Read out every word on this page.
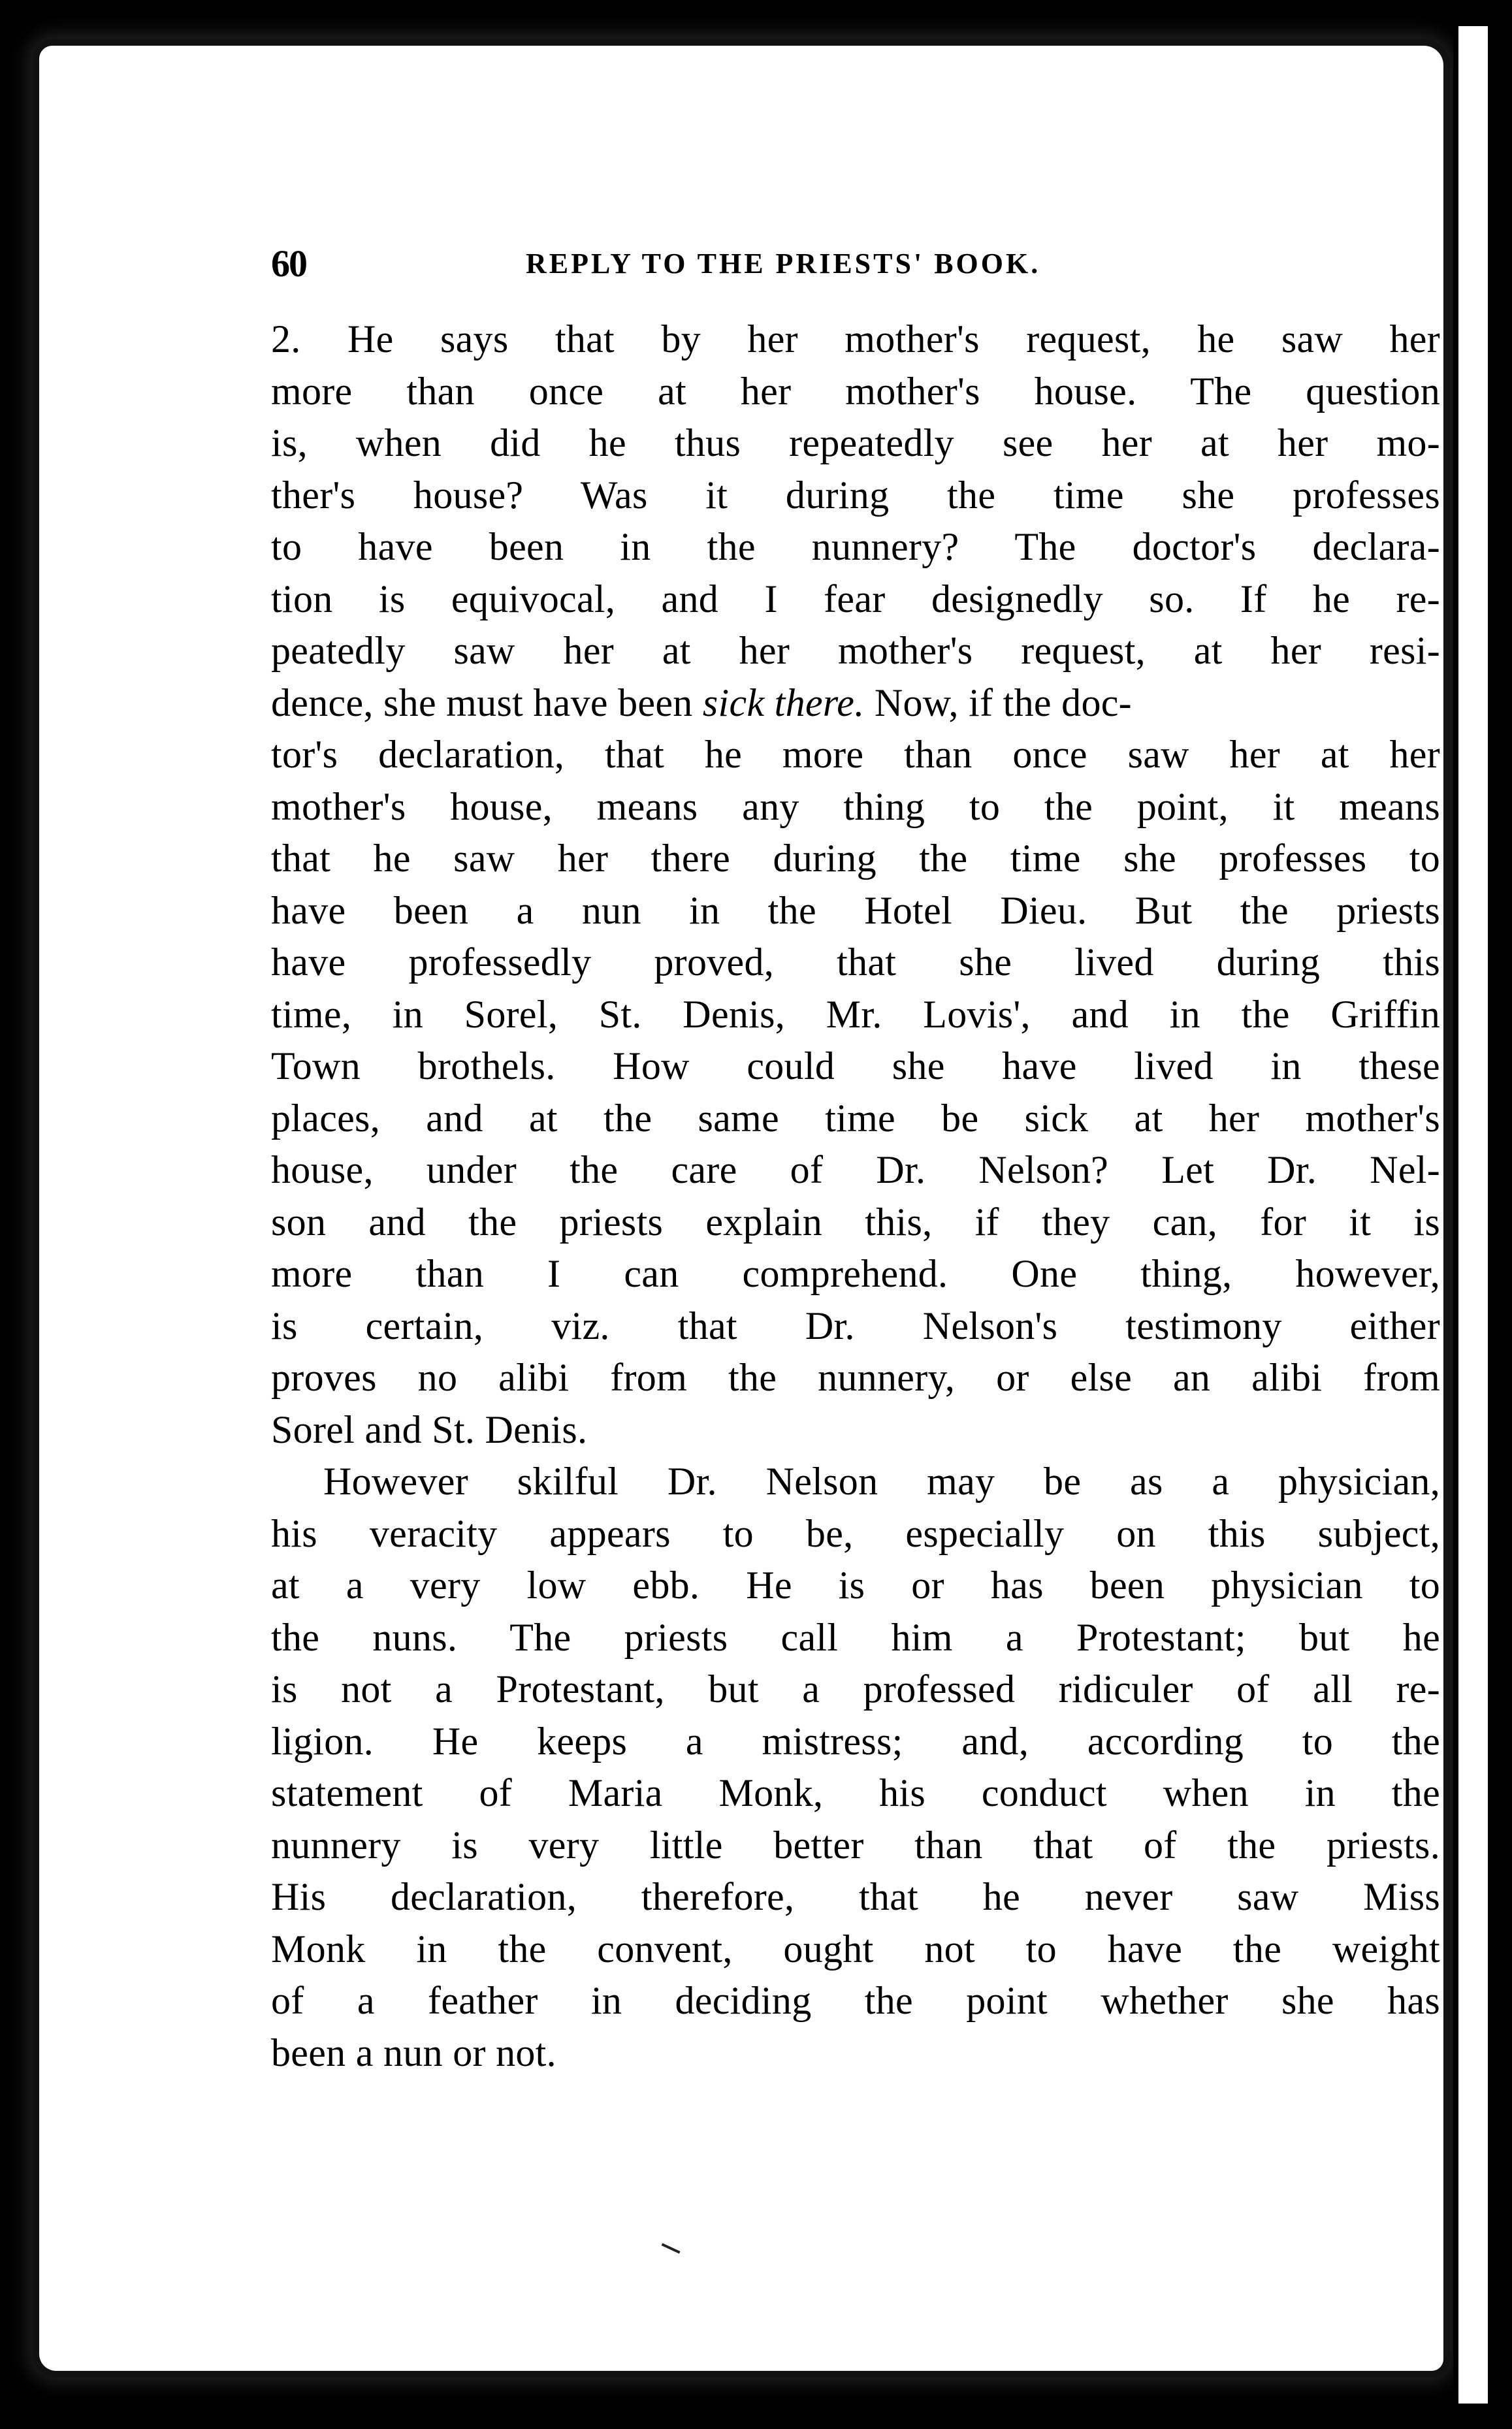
60	REPLY TO THE PRIESTS' BOOK.
2. He says that by her mother's request, he saw her
more than once at her mother's house. The question
is, when did he thus repeatedly see her at her mo-
ther's house? Was it during the time she professes
to have been in the nunnery? The doctor's declara-
tion is equivocal, and I fear designedly so. If he re-
peatedly saw her at her mother's request, at her resi-
dence, she must have been sick there. Now, if the doc-
tor's declaration, that he more than once saw her at her
mother's house, means any thing to the point, it means
that he saw her there during the time she professes to
have been a nun in the Hotel Dieu. But the priests
have professedly proved, that she lived during this
time, in Sorel, St. Denis, Mr. Lovis', and in the Griffin
Town brothels. How could she have lived in these
places, and at the same time be sick at her mother's
house, under the care of Dr. Nelson? Let Dr. Nel-
son and the priests explain this, if they can, for it is
more than I can comprehend. One thing, however,
is certain, viz. that Dr. Nelson's testimony either
proves no alibi from the nunnery, or else an alibi from
Sorel and St. Denis.
However skilful Dr. Nelson may be as a physician,
his veracity appears to be, especially on this subject,
at a very low ebb. He is or has been physician to
the nuns. The priests call him a Protestant; but he
is not a Protestant, but a professed ridiculer of all re-
ligion. He keeps a mistress; and, according to the
statement of Maria Monk, his conduct when in the
nunnery is very little better than that of the priests.
His declaration, therefore, that he never saw Miss
Monk in the convent, ought not to have the weight
of a feather in deciding the point whether she has
been a nun or not.
